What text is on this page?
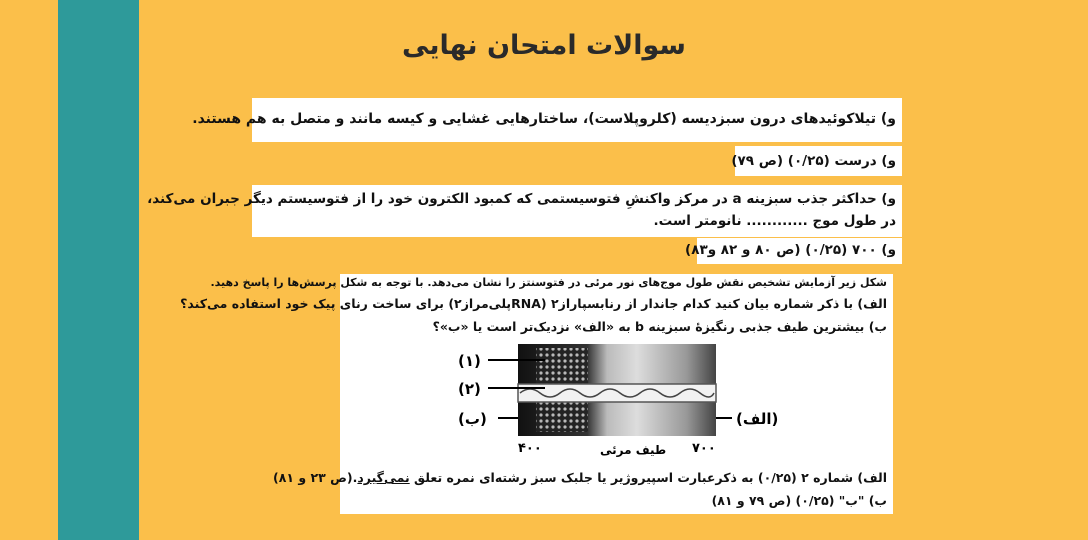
سوالات امتحان نهایی
و) تیلاکوئیدهای درون سبزدیسه (کلروپلاست)، ساختارهایی غشایی و کیسه مانند و متصل به هم هستند.
و) درست (۰/۲۵) (ص ۷۹)
و) حداکثر جذب سبزینه a در مرکز واکنشِ فتوسیستمی که کمبود الکترون خود را از فتوسیستم دیگر جبران می‌کند،
در طول موج ............ نانومتر است.
و) ۷۰۰ (۰/۲۵) (ص ۸۰ و ۸۲ و۸۳)
شکل زیر آزمایش تشخیص نقش طول موج‌های نور مرئی در فتوسنتز را نشان می‌دهد. با توجه به شکل پرسش‌ها را پاسخ دهید.
الف) با ذکر شماره بیان کنید کدام جاندار از رنابسپاراز۲ (RNAپلی‌مراز۲) برای ساخت رنای پیک خود استفاده می‌کند؟
ب) بیشترین طیف جذبی رنگیزهٔ سبزینه b به «الف» نزدیک‌تر است یا «ب»؟
(۱)
(۲)
(ب)	(الف)
۴۰۰	طیف مرئی ۷۰۰
الف) شماره ۲ (۰/۲۵) به ذکرعبارت اسپیروژیر یا جلبک سبز رشته‌ای نمره تعلق نمی‌گیرد.(ص ۲۳ و ۸۱)
ب) "ب" (۰/۲۵) (ص ۷۹ و ۸۱)
